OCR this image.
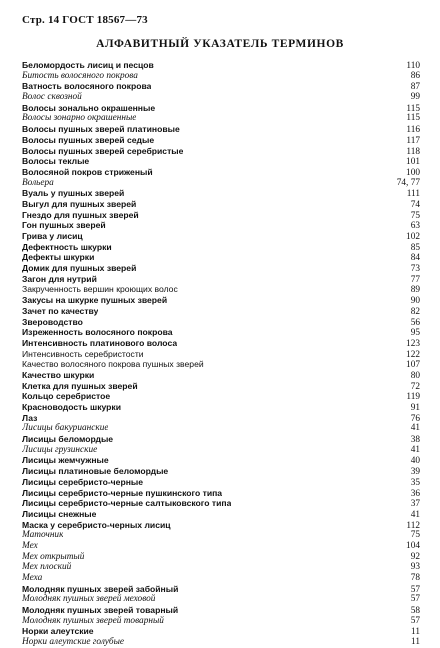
Стр. 14 ГОСТ 18567—73
АЛФАВИТНЫЙ УКАЗАТЕЛЬ ТЕРМИНОВ
Беломордость лисиц и песцов	110
Битость волосяного покрова	86
Ватность волосяного покрова	87
Волос сквозной	99
Волосы зонально окрашенные	115
Волосы зонарно окрашенные	115
Волосы пушных зверей платиновые	116
Волосы пушных зверей седые	117
Волосы пушных зверей серебристые	118
Волосы теклые	101
Волосяной покров стриженый	100
Вольера	74, 77
Вуаль у пушных зверей	111
Выгул для пушных зверей	74
Гнездо для пушных зверей	75
Гон пушных зверей	63
Грива у лисиц	102
Дефектность шкурки	85
Дефекты шкурки	84
Домик для пушных зверей	73
Загон для нутрий	77
Закрученность вершин кроющих волос	89
Закусы на шкурке пушных зверей	90
Зачет по качеству	82
Звероводство	56
Изреженность волосяного покрова	95
Интенсивность платинового волоса	123
Интенсивность серебристости	122
Качество волосяного покрова пушных зверей	107
Качество шкурки	80
Клетка для пушных зверей	72
Кольцо серебристое	119
Красноводость шкурки	91
Лаз	76
Лисицы бакурианские	41
Лисицы беломордые	38
Лисицы грузинские	41
Лисицы жемчужные	40
Лисицы платиновые беломордые	39
Лисицы серебристо-черные	35
Лисицы серебристо-черные пушкинского типа	36
Лисицы серебристо-черные салтыковского типа	37
Лисицы снежные	41
Маска у серебристо-черных лисиц	112
Маточник	75
Мех	104
Мех открытый	92
Мех плоский	93
Меха	78
Молодняк пушных зверей забойный	57
Молодняк пушных зверей меховой	57
Молодняк пушных зверей товарный	58
Молодняк пушных зверей товарный	57
Норки алеутские	11
Норки алеутские голубые	11
